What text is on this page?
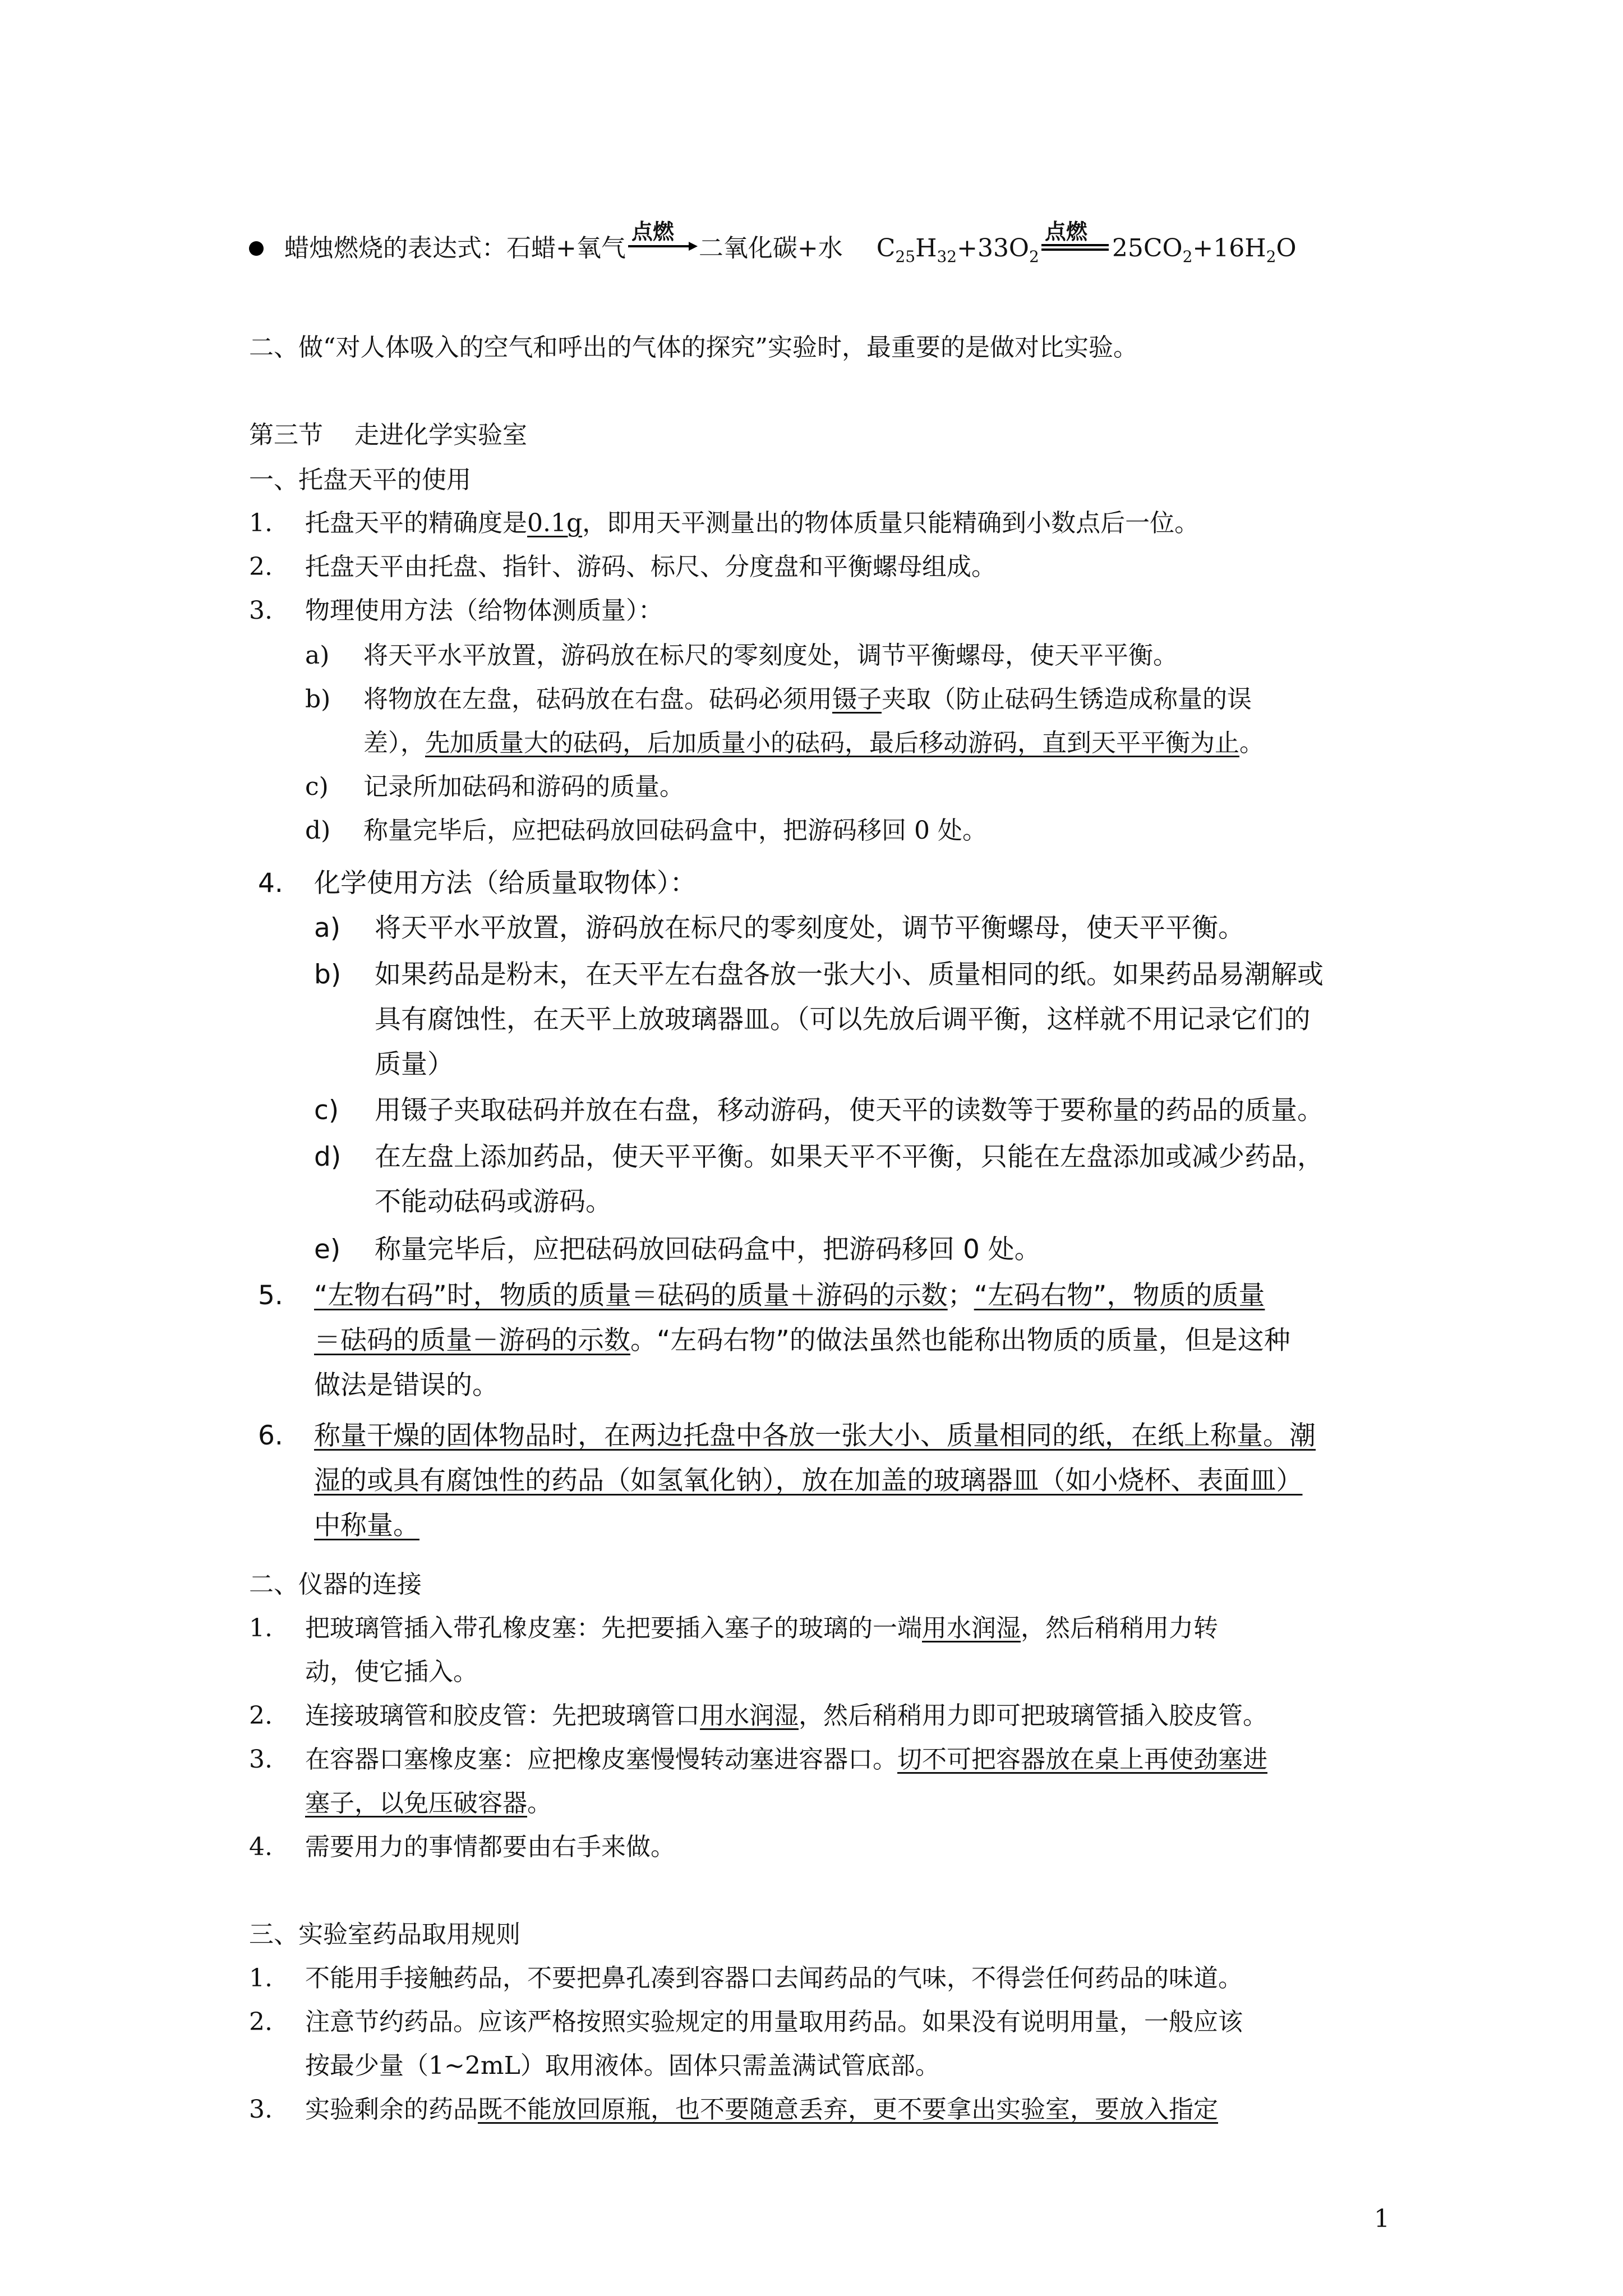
蜡烛燃烧的表达式：石蜡+氧气
点燃
二氧化碳+水 $C_{25}H_{32}+33O_2$
点燃
$25CO_2+16H_2O$
二、做“对人体吸入的空气和呼出的气体的探究”实验时，最重要的是做对比实验。
第三节    走进化学实验室
一、托盘天平的使用
1. 托盘天平的精确度是0.1g，即用天平测量出的物体质量只能精确到小数点后一位。
2. 托盘天平由托盘、指针、游码、标尺、分度盘和平衡螺母组成。
3. 物理使用方法（给物体测质量）：
a) 将天平水平放置，游码放在标尺的零刻度处，调节平衡螺母，使天平平衡。
b) 将物放在左盘，砝码放在右盘。砝码必须用镊子夹取（防止砝码生锈造成称量的误
差），先加质量大的砝码，后加质量小的砝码，最后移动游码，直到天平平衡为止。
c) 记录所加砝码和游码的质量。
d) 称量完毕后，应把砝码放回砝码盒中，把游码移回 0 处。
4. 化学使用方法（给质量取物体）：
a) 将天平水平放置，游码放在标尺的零刻度处，调节平衡螺母，使天平平衡。
b) 如果药品是粉末，在天平左右盘各放一张大小、质量相同的纸。如果药品易潮解或
具有腐蚀性，在天平上放玻璃器皿。（可以先放后调平衡，这样就不用记录它们的
质量）
c) 用镊子夹取砝码并放在右盘，移动游码，使天平的读数等于要称量的药品的质量。
d) 在左盘上添加药品，使天平平衡。如果天平不平衡，只能在左盘添加或减少药品，
不能动砝码或游码。
e) 称量完毕后，应把砝码放回砝码盒中，把游码移回 0 处。
5. “左物右码”时，物质的质量＝砝码的质量＋游码的示数；“左码右物”，物质的质量
＝砝码的质量－游码的示数。“左码右物”的做法虽然也能称出物质的质量，但是这种
做法是错误的。
6. 称量干燥的固体物品时，在两边托盘中各放一张大小、质量相同的纸，在纸上称量。潮
湿的或具有腐蚀性的药品（如氢氧化钠），放在加盖的玻璃器皿（如小烧杯、表面皿）
中称量。
二、仪器的连接
1. 把玻璃管插入带孔橡皮塞：先把要插入塞子的玻璃的一端用水润湿，然后稍稍用力转
动，使它插入。
2. 连接玻璃管和胶皮管：先把玻璃管口用水润湿，然后稍稍用力即可把玻璃管插入胶皮管。
3. 在容器口塞橡皮塞：应把橡皮塞慢慢转动塞进容器口。切不可把容器放在桌上再使劲塞进
塞子，以免压破容器。
4. 需要用力的事情都要由右手来做。
三、实验室药品取用规则
1. 不能用手接触药品，不要把鼻孔凑到容器口去闻药品的气味，不得尝任何药品的味道。
2. 注意节约药品。应该严格按照实验规定的用量取用药品。如果没有说明用量，一般应该
按最少量（1~2mL）取用液体。固体只需盖满试管底部。
3. 实验剩余的药品既不能放回原瓶，也不要随意丢弃，更不要拿出实验室，要放入指定
1
